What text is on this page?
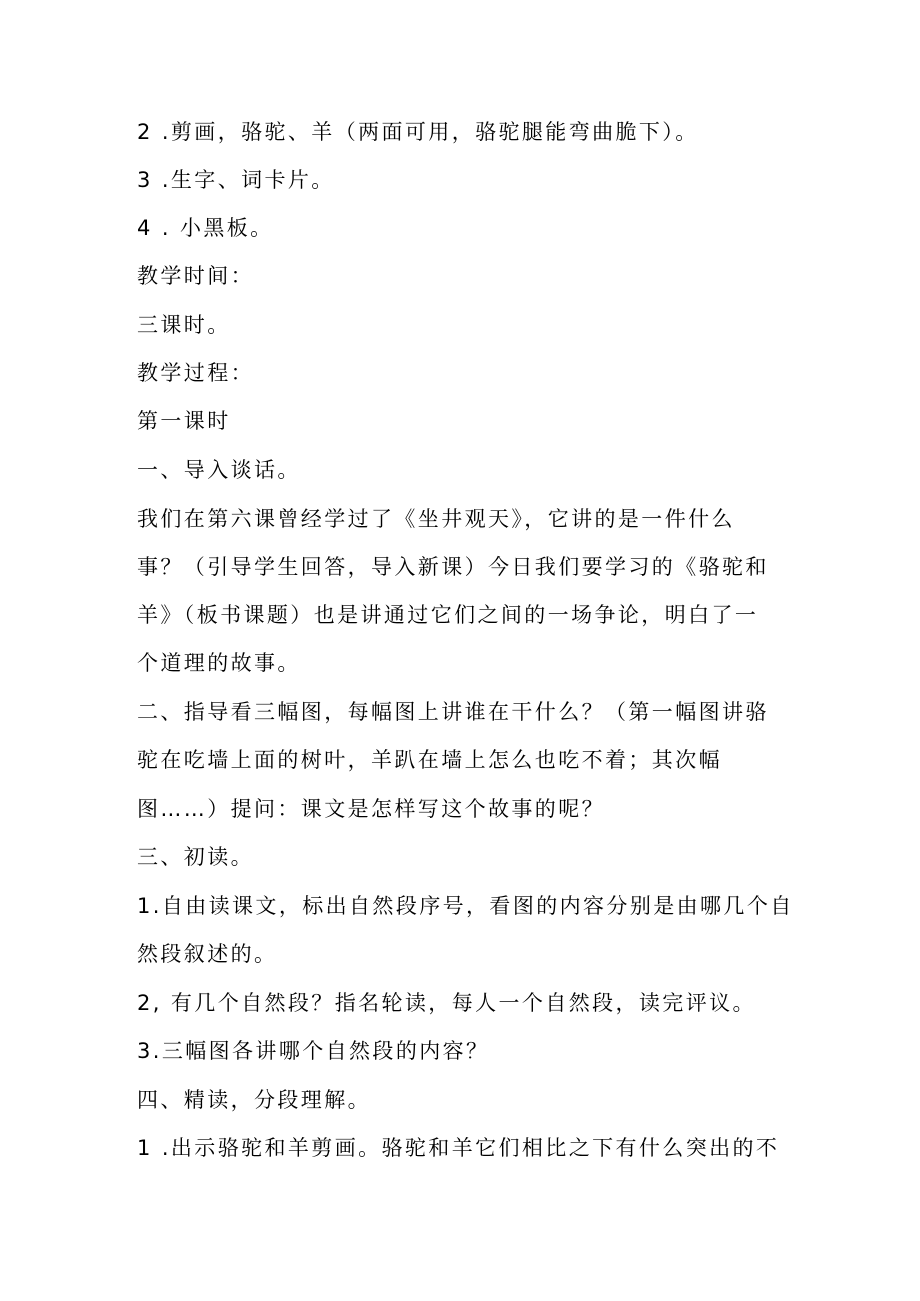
2 .剪画，骆驼、羊（两面可用，骆驼腿能弯曲脆下）。
3 .生字、词卡片。
4 . 小黑板。
教学时间：
三课时。
教学过程：
第一课时
一、导入谈话。
我们在第六课曾经学过了《坐井观天》，它讲的是一件什么
事？（引导学生回答，导入新课）今日我们要学习的《骆驼和
羊》（板书课题）也是讲通过它们之间的一场争论，明白了一
个道理的故事。
二、指导看三幅图，每幅图上讲谁在干什么？（第一幅图讲骆
驼在吃墙上面的树叶，羊趴在墙上怎么也吃不着；其次幅
图……）提问：课文是怎样写这个故事的呢？
三、初读。
1.自由读课文，标出自然段序号，看图的内容分别是由哪几个自
然段叙述的。
2, 有几个自然段？指名轮读，每人一个自然段，读完评议。
3.三幅图各讲哪个自然段的内容？
四、精读，分段理解。
1 .出示骆驼和羊剪画。骆驼和羊它们相比之下有什么突出的不
